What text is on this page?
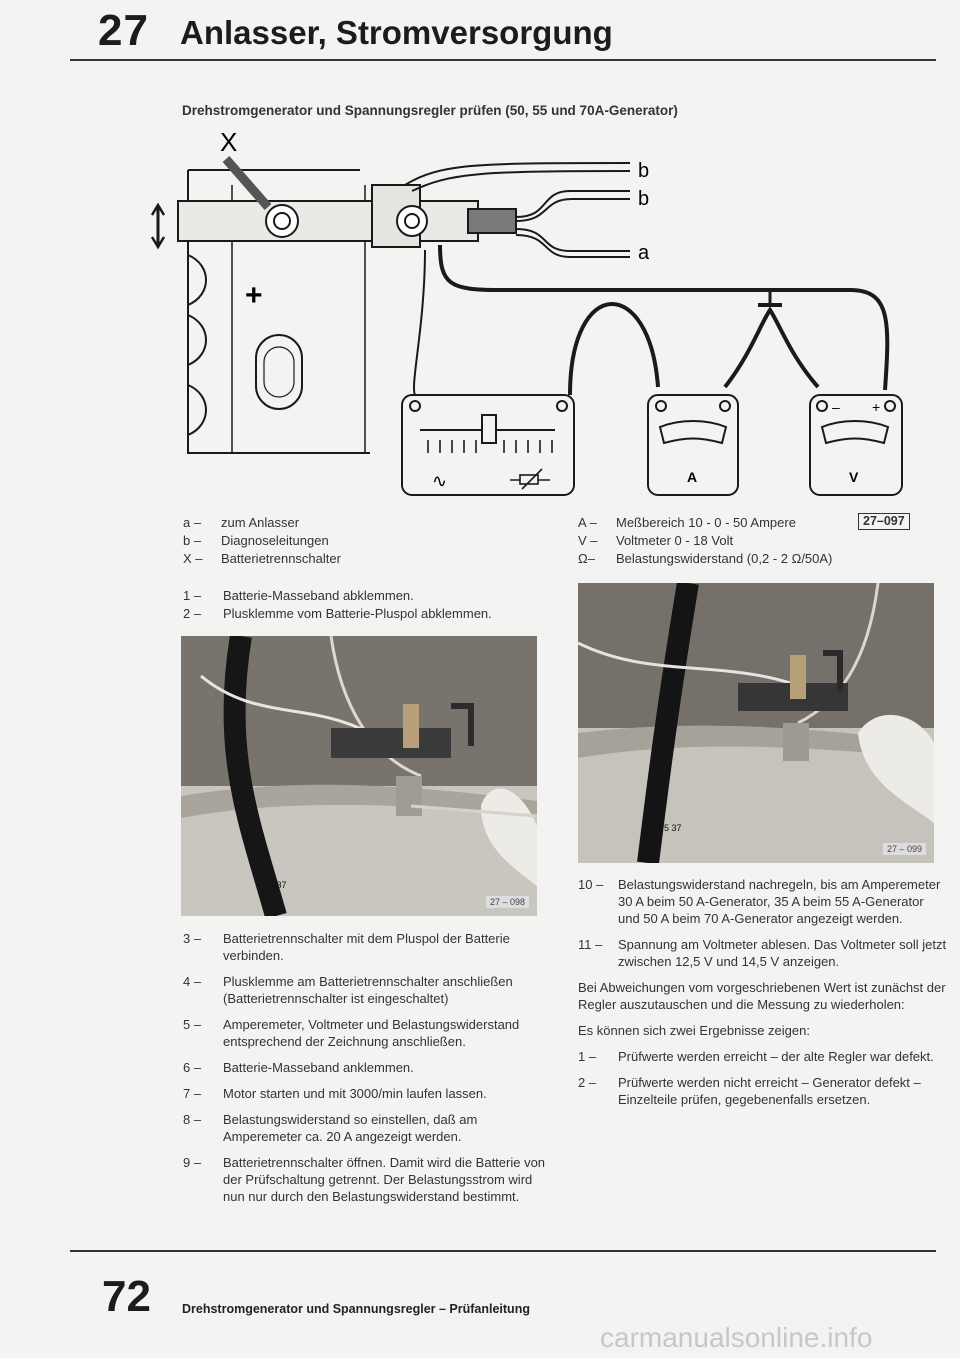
27 Anlasser, Stromversorgung
Drehstromgenerator und Spannungsregler prüfen (50, 55 und 70A-Generator)
X
b
b
a
+
∿	A	V
– +
a –	zum Anlasser
b –	Diagnoseleitungen
X –	Batterietrennschalter
A –	Meßbereich 10 - 0 - 50 Ampere
V –	Voltmeter 0 - 18 Volt
Ω–	Belastungswiderstand (0,2 - 2 Ω/50A)
27–097
1 –	Batterie-Masseband abklemmen.
2 –	Plusklemme vom Batterie-Pluspol abklemmen.
5 37
27 – 098
5 37
27 – 099
3 –	Batterietrennschalter mit dem Pluspol der Batterie verbinden.
4 –	Plusklemme am Batterietrennschalter anschließen (Batterietrennschalter ist eingeschaltet)
5 –	Amperemeter, Voltmeter und Belastungswiderstand entsprechend der Zeichnung anschließen.
6 –	Batterie-Masseband anklemmen.
7 –	Motor starten und mit 3000/min laufen lassen.
8 –	Belastungswiderstand so einstellen, daß am Amperemeter ca. 20 A angezeigt werden.
9 –	Batterietrennschalter öffnen. Damit wird die Batterie von der Prüfschaltung getrennt. Der Belastungsstrom wird nun nur durch den Belastungswiderstand bestimmt.
10 –	Belastungswiderstand nachregeln, bis am Amperemeter 30 A beim 50 A-Generator, 35 A beim 55 A-Generator und 50 A beim 70 A-Generator angezeigt werden.
11 –	Spannung am Voltmeter ablesen. Das Voltmeter soll jetzt zwischen 12,5 V und 14,5 V anzeigen.
Bei Abweichungen vom vorgeschriebenen Wert ist zunächst der Regler auszutauschen und die Messung zu wiederholen:
Es können sich zwei Ergebnisse zeigen:
1 –	Prüfwerte werden erreicht – der alte Regler war defekt.
2 –	Prüfwerte werden nicht erreicht – Generator defekt – Einzelteile prüfen, gegebenenfalls ersetzen.
72 Drehstromgenerator und Spannungsregler – Prüfanleitung
carmanualsonline.info
